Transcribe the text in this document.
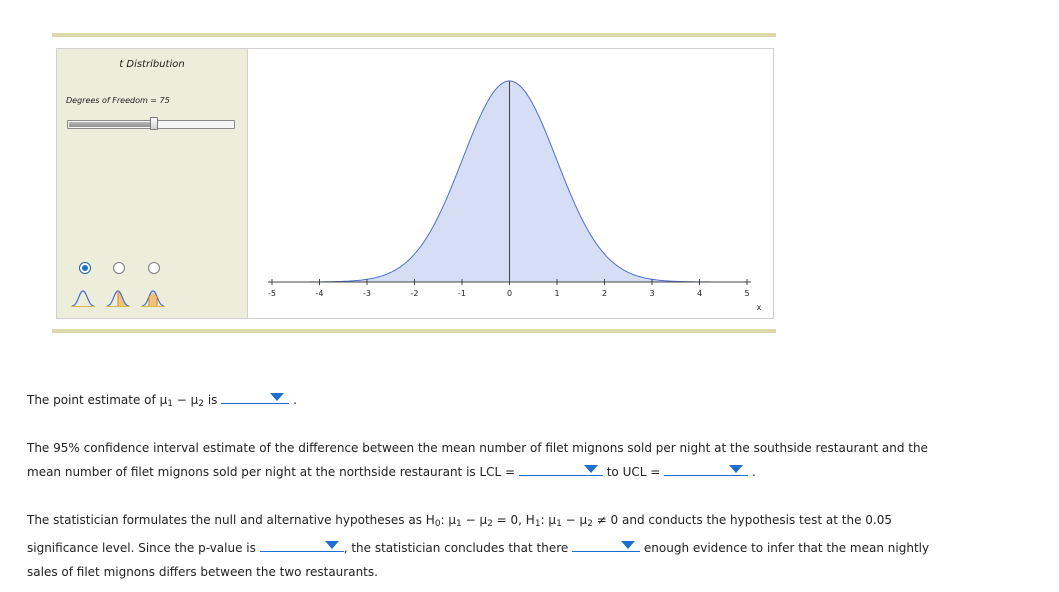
t Distribution
Degrees of Freedom = 75
-5	-4	-3	-2	-1	0	1	2	3	4	5
x
The point estimate of $\mu_1 - \mu_2$ is	.
The 95% confidence interval estimate of the difference between the mean number of filet mignons sold per night at the southside restaurant and the
mean number of filet mignons sold per night at the northside restaurant is LCL =	to UCL =	.
The statistician formulates the null and alternative hypotheses as $H_0$: $\mu_1 - \mu_2 = 0$, $H_1$: $\mu_1 - \mu_2 \ne 0$ and conducts the hypothesis test at the 0.05
significance level. Since the p-value is	, the statistician concludes that there	enough evidence to infer that the mean nightly
sales of filet mignons differs between the two restaurants.
